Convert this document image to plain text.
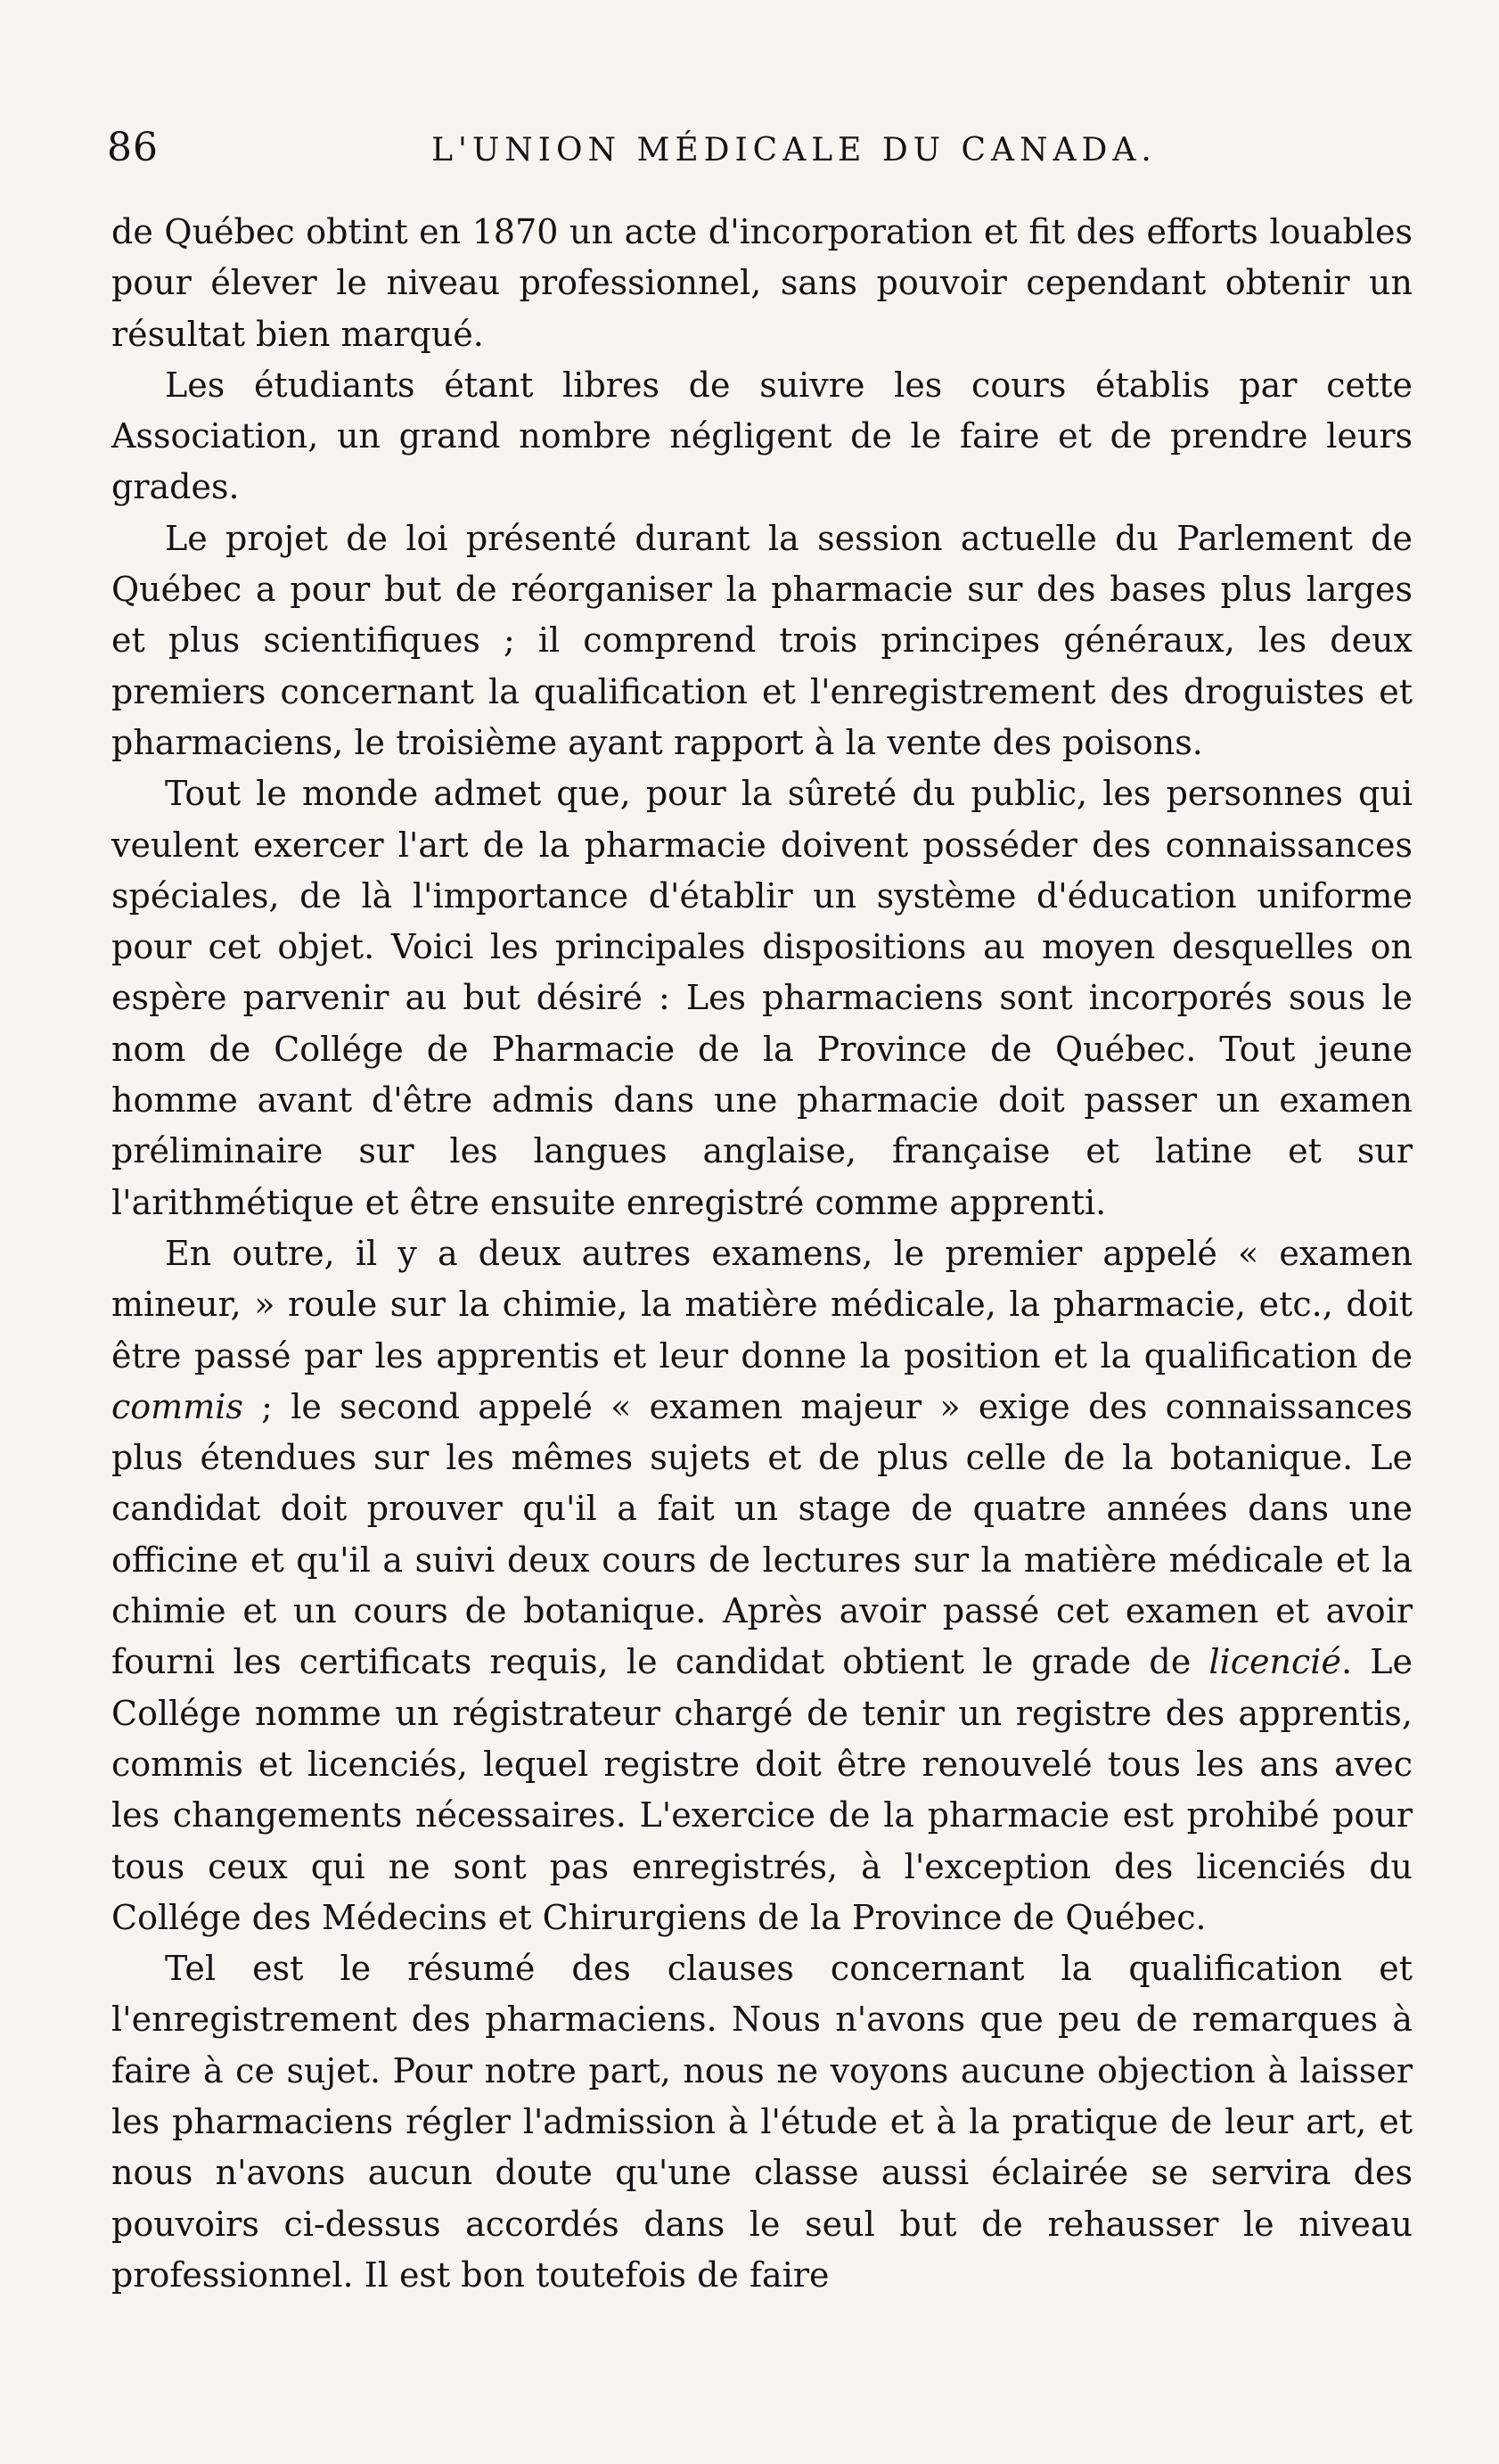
86	L'UNION MÉDICALE DU CANADA.

de Québec obtint en 1870 un acte d'incorporation et fit des efforts louables pour élever le niveau professionnel, sans pouvoir cependant obtenir un résultat bien marqué.

Les étudiants étant libres de suivre les cours établis par cette Association, un grand nombre négligent de le faire et de prendre leurs grades.

Le projet de loi présenté durant la session actuelle du Parlement de Québec a pour but de réorganiser la pharmacie sur des bases plus larges et plus scientifiques ; il comprend trois principes généraux, les deux premiers concernant la qualification et l'enregistrement des droguistes et pharmaciens, le troisième ayant rapport à la vente des poisons.

Tout le monde admet que, pour la sûreté du public, les personnes qui veulent exercer l'art de la pharmacie doivent posséder des connaissances spéciales, de là l'importance d'établir un système d'éducation uniforme pour cet objet. Voici les principales dispositions au moyen desquelles on espère parvenir au but désiré : Les pharmaciens sont incorporés sous le nom de Collége de Pharmacie de la Province de Québec. Tout jeune homme avant d'être admis dans une pharmacie doit passer un examen préliminaire sur les langues anglaise, française et latine et sur l'arithmétique et être ensuite enregistré comme apprenti.

En outre, il y a deux autres examens, le premier appelé « examen mineur, » roule sur la chimie, la matière médicale, la pharmacie, etc., doit être passé par les apprentis et leur donne la position et la qualification de commis ; le second appelé « examen majeur » exige des connaissances plus étendues sur les mêmes sujets et de plus celle de la botanique. Le candidat doit prouver qu'il a fait un stage de quatre années dans une officine et qu'il a suivi deux cours de lectures sur la matière médicale et la chimie et un cours de botanique. Après avoir passé cet examen et avoir fourni les certificats requis, le candidat obtient le grade de licencié. Le Collége nomme un régistrateur chargé de tenir un registre des apprentis, commis et licenciés, lequel registre doit être renouvelé tous les ans avec les changements nécessaires. L'exercice de la pharmacie est prohibé pour tous ceux qui ne sont pas enregistrés, à l'exception des licenciés du Collége des Médecins et Chirurgiens de la Province de Québec.

Tel est le résumé des clauses concernant la qualification et l'enregistrement des pharmaciens. Nous n'avons que peu de remarques à faire à ce sujet. Pour notre part, nous ne voyons aucune objection à laisser les pharmaciens régler l'admission à l'étude et à la pratique de leur art, et nous n'avons aucun doute qu'une classe aussi éclairée se servira des pouvoirs ci-dessus accordés dans le seul but de rehausser le niveau professionnel. Il est bon toutefois de faire
